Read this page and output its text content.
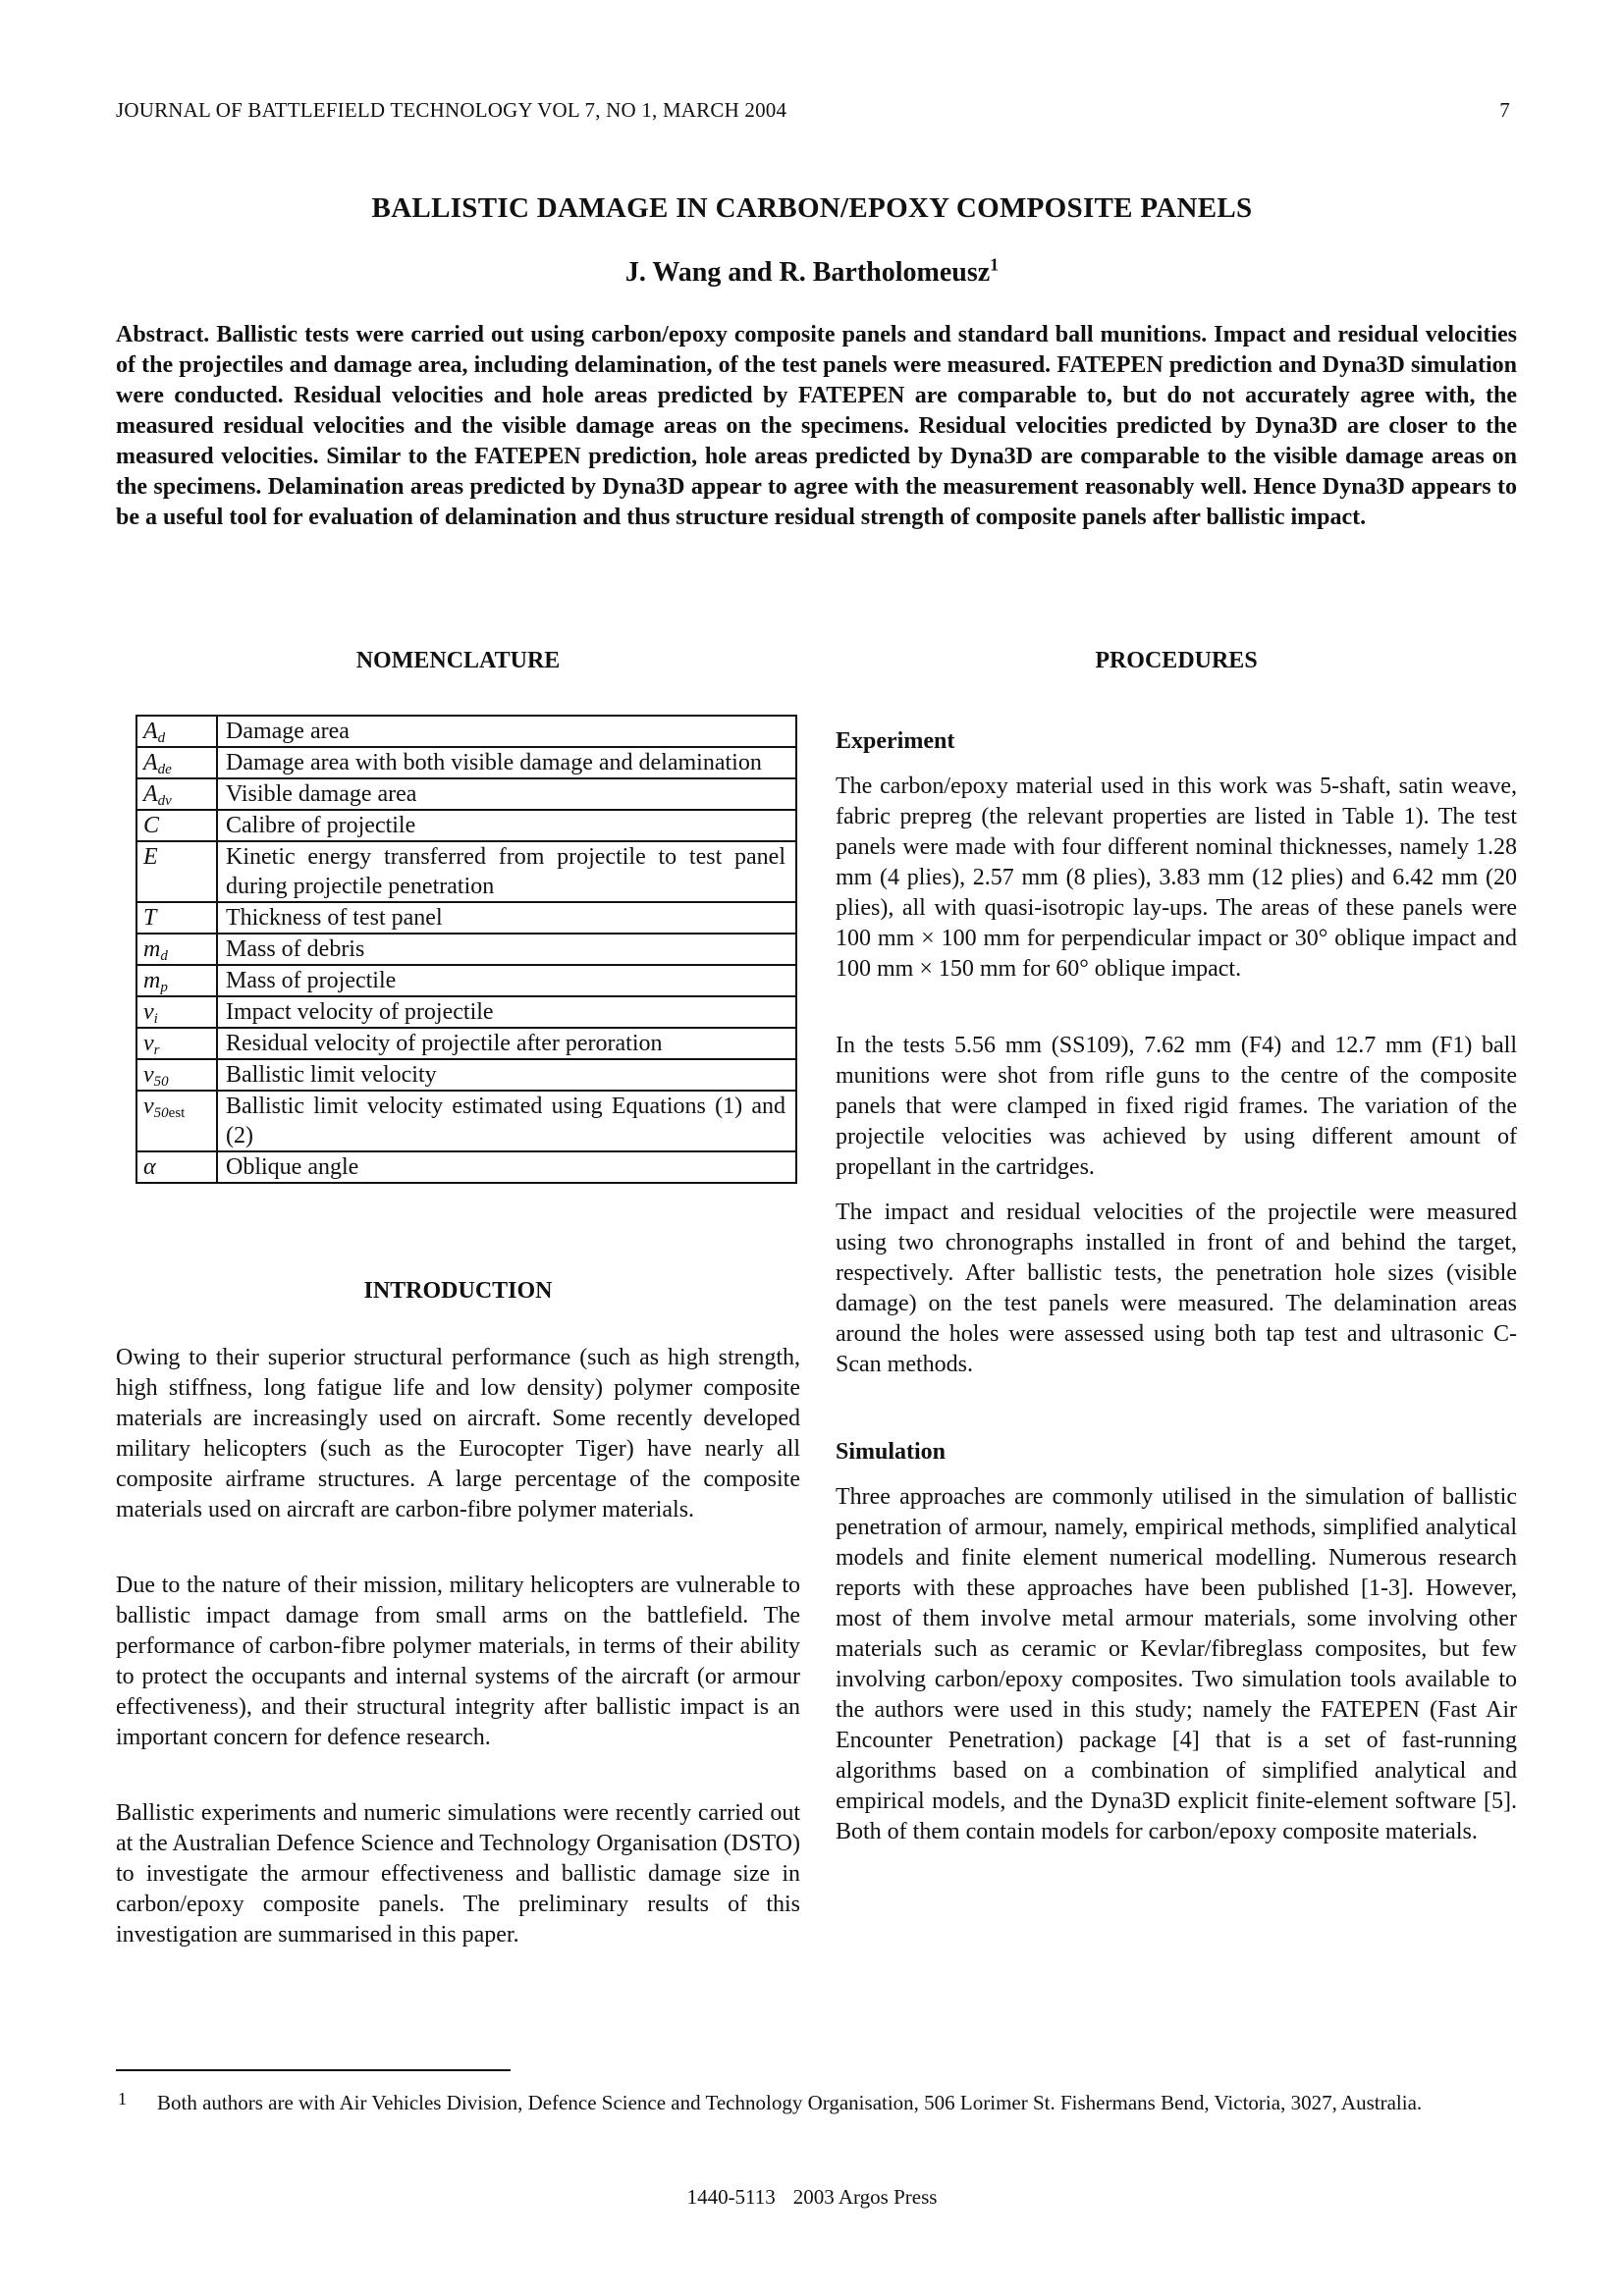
JOURNAL OF BATTLEFIELD TECHNOLOGY VOL 7, NO 1, MARCH 2004	7
BALLISTIC DAMAGE IN CARBON/EPOXY COMPOSITE PANELS
J. Wang and R. Bartholomeusz$^1$
Abstract. Ballistic tests were carried out using carbon/epoxy composite panels and standard ball munitions. Impact and residual velocities of the projectiles and damage area, including delamination, of the test panels were measured. FATEPEN prediction and Dyna3D simulation were conducted. Residual velocities and hole areas predicted by FATEPEN are comparable to, but do not accurately agree with, the measured residual velocities and the visible damage areas on the specimens. Residual velocities predicted by Dyna3D are closer to the measured velocities. Similar to the FATEPEN prediction, hole areas predicted by Dyna3D are comparable to the visible damage areas on the specimens. Delamination areas predicted by Dyna3D appear to agree with the measurement reasonably well. Hence Dyna3D appears to be a useful tool for evaluation of delamination and thus structure residual strength of composite panels after ballistic impact.
NOMENCLATURE
$A_d$	Damage area
$A_{de}$	Damage area with both visible damage and delamination
$A_{dv}$	Visible damage area
C	Calibre of projectile
E	Kinetic energy transferred from projectile to test panel during projectile penetration
T	Thickness of test panel
$m_d$	Mass of debris
$m_p$	Mass of projectile
$v_i$	Impact velocity of projectile
$v_r$	Residual velocity of projectile after peroration
$v_{50}$	Ballistic limit velocity
$v_{50est}$	Ballistic limit velocity estimated using Equations (1) and (2)
α	Oblique angle
INTRODUCTION
Owing to their superior structural performance (such as high strength, high stiffness, long fatigue life and low density) polymer composite materials are increasingly used on aircraft. Some recently developed military helicopters (such as the Eurocopter Tiger) have nearly all composite airframe structures. A large percentage of the composite materials used on aircraft are carbon-fibre polymer materials.
Due to the nature of their mission, military helicopters are vulnerable to ballistic impact damage from small arms on the battlefield. The performance of carbon-fibre polymer materials, in terms of their ability to protect the occupants and internal systems of the aircraft (or armour effectiveness), and their structural integrity after ballistic impact is an important concern for defence research.
Ballistic experiments and numeric simulations were recently carried out at the Australian Defence Science and Technology Organisation (DSTO) to investigate the armour effectiveness and ballistic damage size in carbon/epoxy composite panels. The preliminary results of this investigation are summarised in this paper.
PROCEDURES
Experiment
The carbon/epoxy material used in this work was 5-shaft, satin weave, fabric prepreg (the relevant properties are listed in Table 1). The test panels were made with four different nominal thicknesses, namely 1.28 mm (4 plies), 2.57 mm (8 plies), 3.83 mm (12 plies) and 6.42 mm (20 plies), all with quasi-isotropic lay-ups. The areas of these panels were 100 mm × 100 mm for perpendicular impact or 30° oblique impact and 100 mm × 150 mm for 60° oblique impact.
In the tests 5.56 mm (SS109), 7.62 mm (F4) and 12.7 mm (F1) ball munitions were shot from rifle guns to the centre of the composite panels that were clamped in fixed rigid frames. The variation of the projectile velocities was achieved by using different amount of propellant in the cartridges.
The impact and residual velocities of the projectile were measured using two chronographs installed in front of and behind the target, respectively. After ballistic tests, the penetration hole sizes (visible damage) on the test panels were measured. The delamination areas around the holes were assessed using both tap test and ultrasonic C-Scan methods.
Simulation
Three approaches are commonly utilised in the simulation of ballistic penetration of armour, namely, empirical methods, simplified analytical models and finite element numerical modelling. Numerous research reports with these approaches have been published [1-3]. However, most of them involve metal armour materials, some involving other materials such as ceramic or Kevlar/fibreglass composites, but few involving carbon/epoxy composites. Two simulation tools available to the authors were used in this study; namely the FATEPEN (Fast Air Encounter Penetration) package [4] that is a set of fast-running algorithms based on a combination of simplified analytical and empirical models, and the Dyna3D explicit finite-element software [5]. Both of them contain models for carbon/epoxy composite materials.
1 Both authors are with Air Vehicles Division, Defence Science and Technology Organisation, 506 Lorimer St. Fishermans Bend, Victoria, 3027, Australia.
1440-5113 2003 Argos Press
